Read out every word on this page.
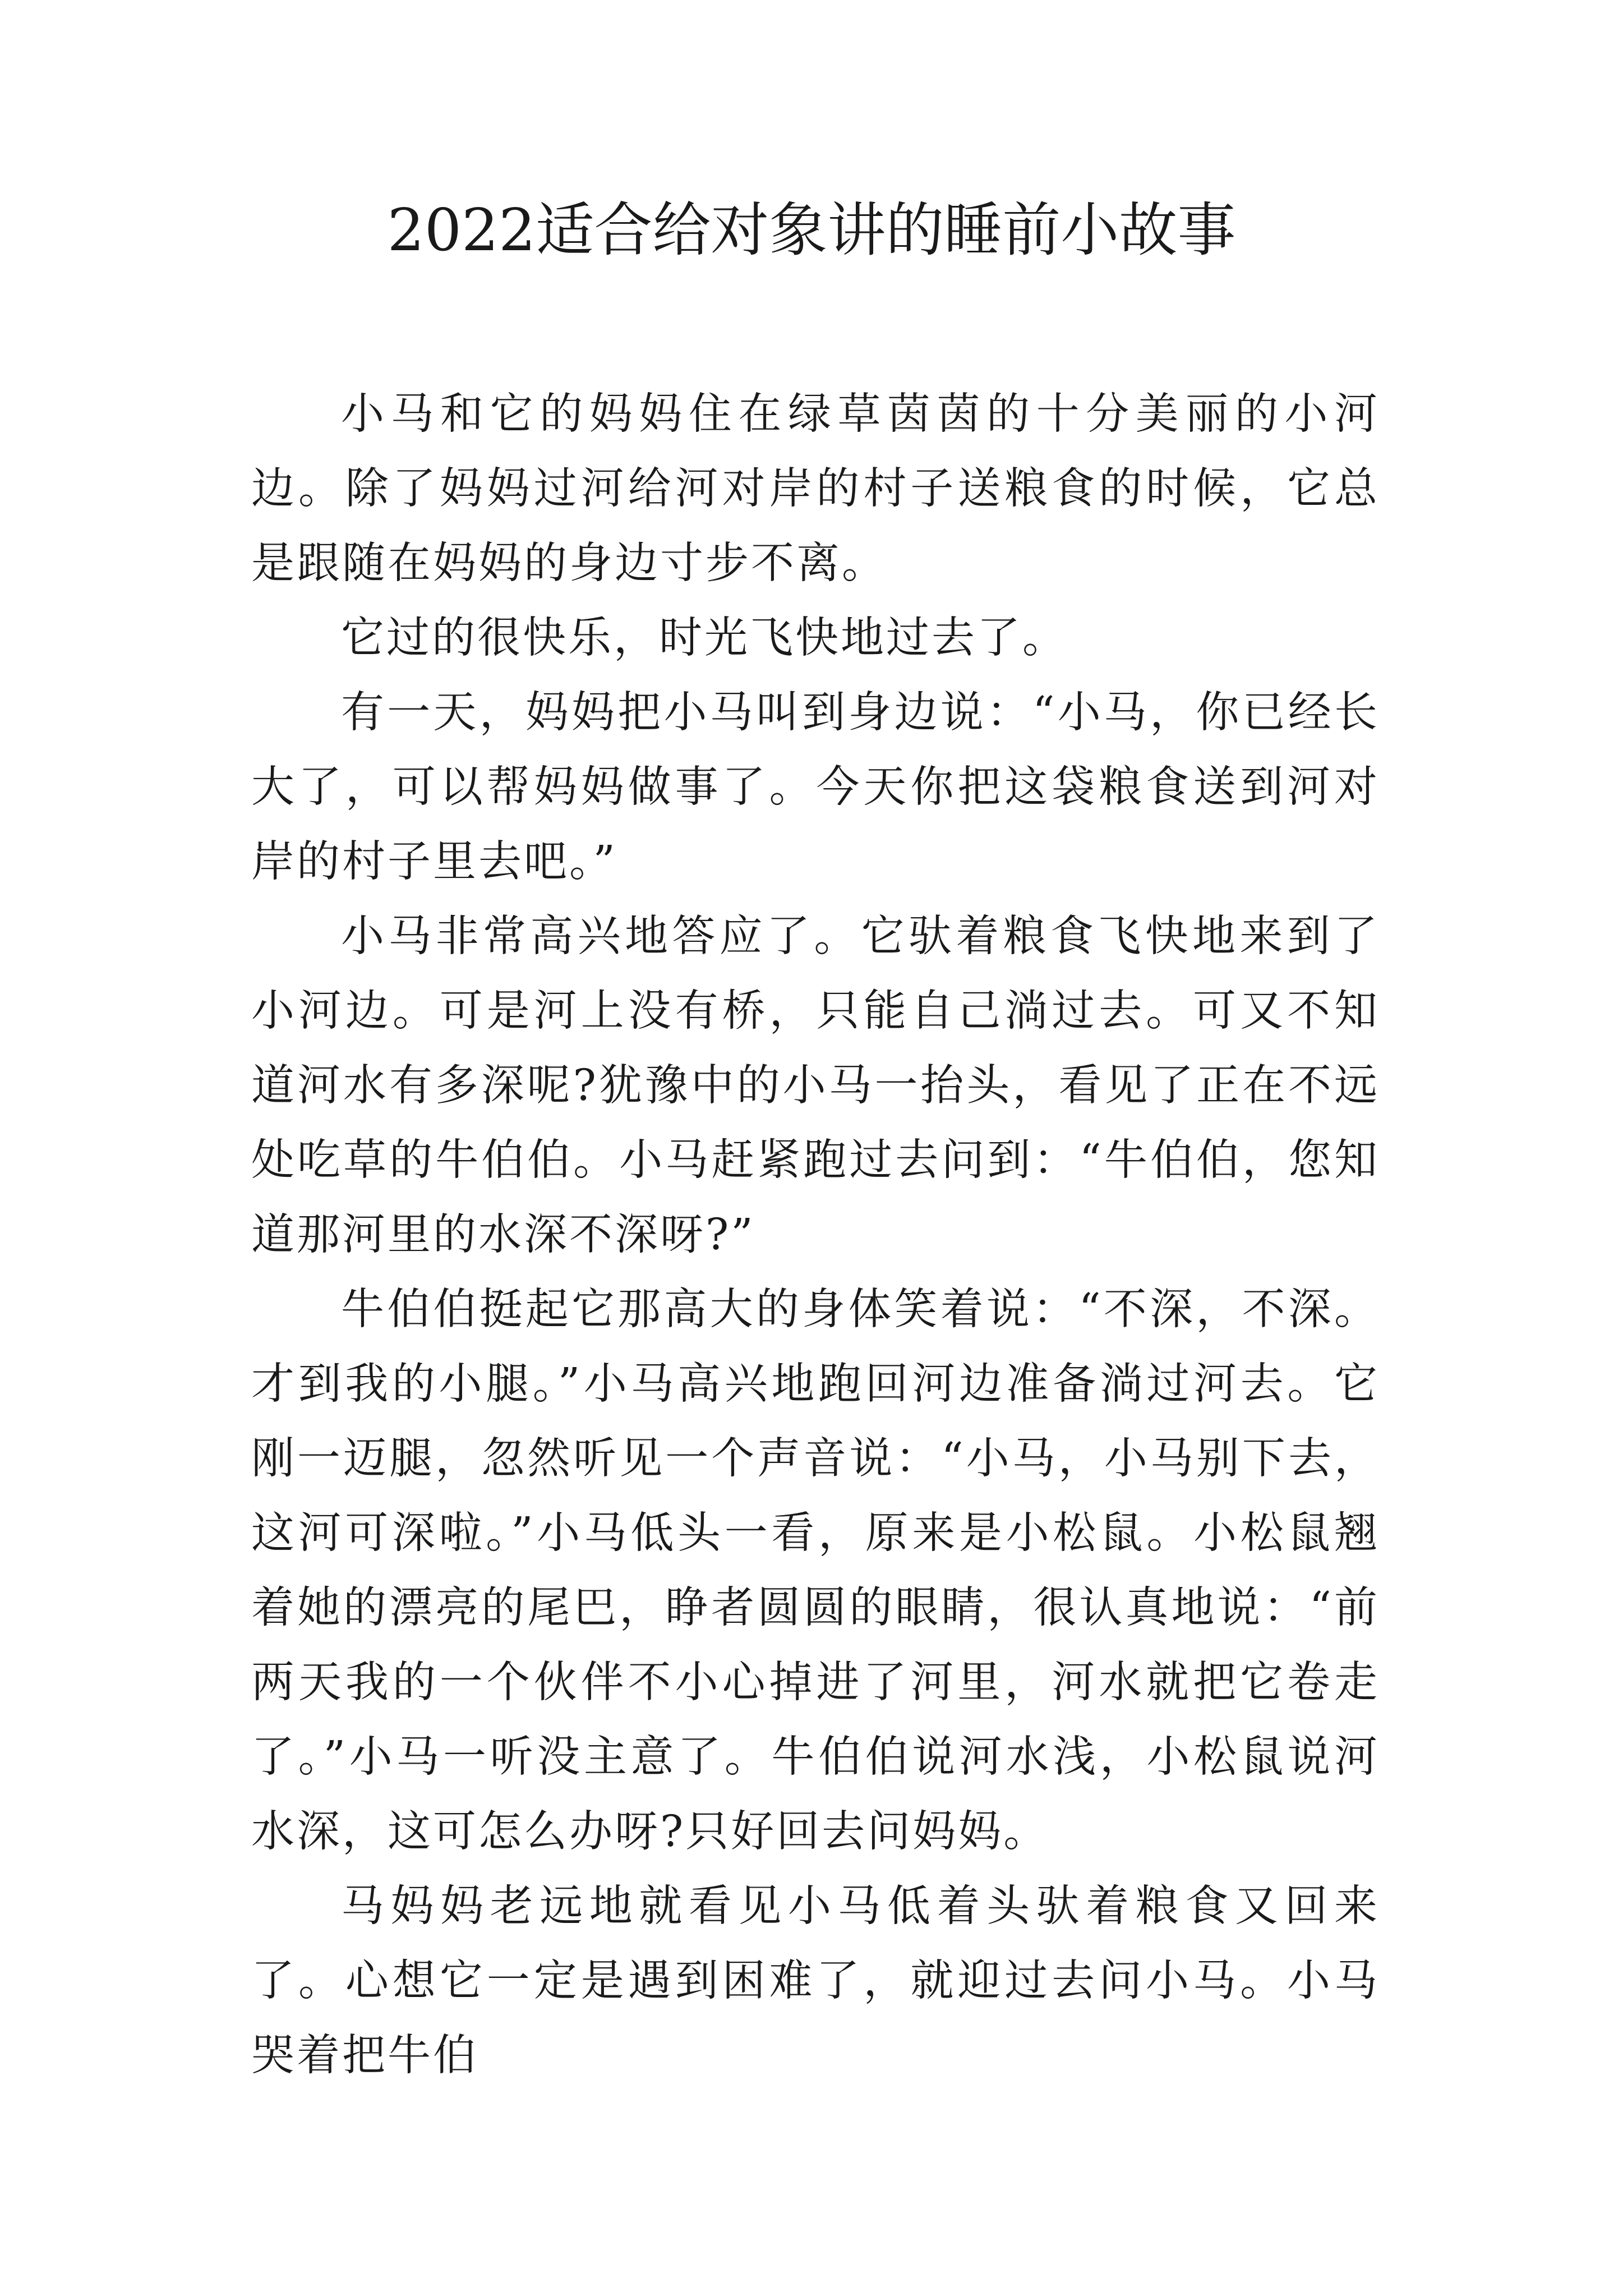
2022适合给对象讲的睡前小故事

小马和它的妈妈住在绿草茵茵的十分美丽的小河边。除了妈妈过河给河对岸的村子送粮食的时候，它总是跟随在妈妈的身边寸步不离。

它过的很快乐，时光飞快地过去了。

有一天，妈妈把小马叫到身边说：“小马，你已经长大了，可以帮妈妈做事了。今天你把这袋粮食送到河对岸的村子里去吧。”

小马非常高兴地答应了。它驮着粮食飞快地来到了小河边。可是河上没有桥，只能自己淌过去。可又不知道河水有多深呢?犹豫中的小马一抬头，看见了正在不远处吃草的牛伯伯。小马赶紧跑过去问到：“牛伯伯，您知道那河里的水深不深呀?”

牛伯伯挺起它那高大的身体笑着说：“不深，不深。才到我的小腿。”小马高兴地跑回河边准备淌过河去。它刚一迈腿，忽然听见一个声音说：“小马，小马别下去，这河可深啦。”小马低头一看，原来是小松鼠。小松鼠翘着她的漂亮的尾巴，睁者圆圆的眼睛，很认真地说：“前两天我的一个伙伴不小心掉进了河里，河水就把它卷走了。”小马一听没主意了。牛伯伯说河水浅，小松鼠说河水深，这可怎么办呀?只好回去问妈妈。

马妈妈老远地就看见小马低着头驮着粮食又回来了。心想它一定是遇到困难了，就迎过去问小马。小马哭着把牛伯
